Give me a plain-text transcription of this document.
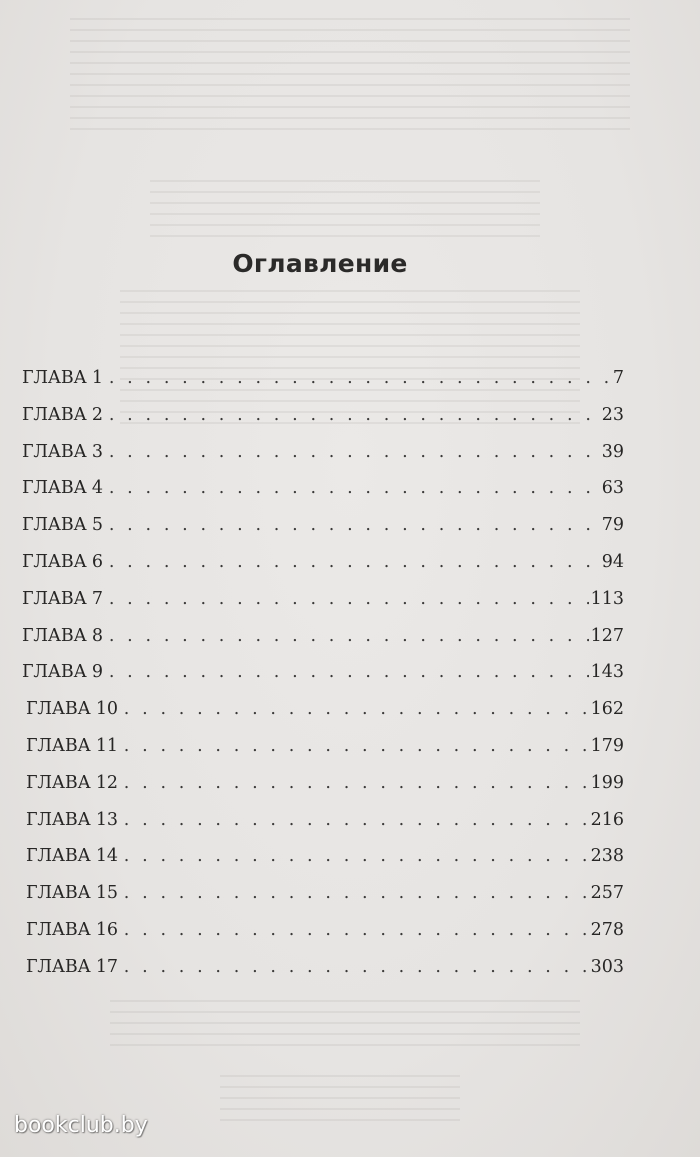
Оглавление
ГЛАВА 1 . . .	7
ГЛАВА 2 . . .	23
ГЛАВА 3 . . .	39
ГЛАВА 4 . . .	63
ГЛАВА 5 . . .	79
ГЛАВА 6 . . .	94
ГЛАВА 7 . . .	113
ГЛАВА 8 . . .	127
ГЛАВА 9 . . .	143
ГЛАВА 10 . . .	162
ГЛАВА 11 . . .	179
ГЛАВА 12 . . .	199
ГЛАВА 13 . . .	216
ГЛАВА 14 . . .	238
ГЛАВА 15 . . .	257
ГЛАВА 16 . . .	278
ГЛАВА 17 . . .	303
bookclub.by
